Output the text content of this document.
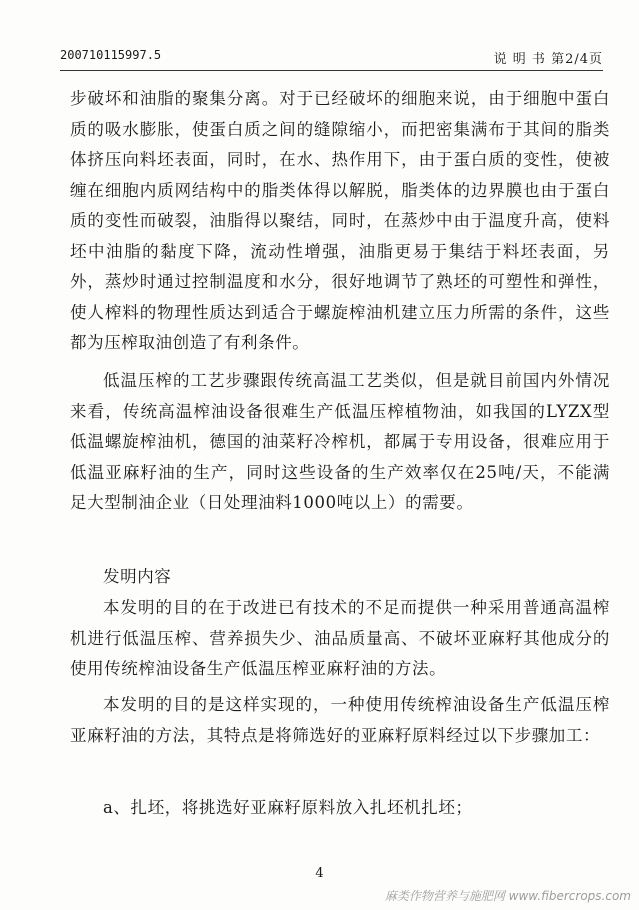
200710115997.5	说 明 书 第2/4页

步破坏和油脂的聚集分离。对于已经破坏的细胞来说，由于细胞中蛋白质的吸水膨胀，使蛋白质之间的缝隙缩小，而把密集满布于其间的脂类体挤压向料坯表面，同时，在水、热作用下，由于蛋白质的变性，使被缠在细胞内质网结构中的脂类体得以解脱，脂类体的边界膜也由于蛋白质的变性而破裂，油脂得以聚结，同时，在蒸炒中由于温度升高，使料坯中油脂的黏度下降，流动性增强，油脂更易于集结于料坯表面，另外，蒸炒时通过控制温度和水分，很好地调节了熟坯的可塑性和弹性，使人榨料的物理性质达到适合于螺旋榨油机建立压力所需的条件，这些都为压榨取油创造了有利条件。

低温压榨的工艺步骤跟传统高温工艺类似，但是就目前国内外情况来看，传统高温榨油设备很难生产低温压榨植物油，如我国的LYZX型低温螺旋榨油机，德国的油菜籽冷榨机，都属于专用设备，很难应用于低温亚麻籽油的生产，同时这些设备的生产效率仅在25吨/天，不能满足大型制油企业（日处理油料1000吨以上）的需要。

发明内容

本发明的目的在于改进已有技术的不足而提供一种采用普通高温榨机进行低温压榨、营养损失少、油品质量高、不破坏亚麻籽其他成分的使用传统榨油设备生产低温压榨亚麻籽油的方法。

本发明的目的是这样实现的，一种使用传统榨油设备生产低温压榨亚麻籽油的方法，其特点是将筛选好的亚麻籽原料经过以下步骤加工：

a、扎坯，将挑选好亚麻籽原料放入扎坯机扎坯；

4
麻类作物营养与施肥网 www.fibercrops.com
